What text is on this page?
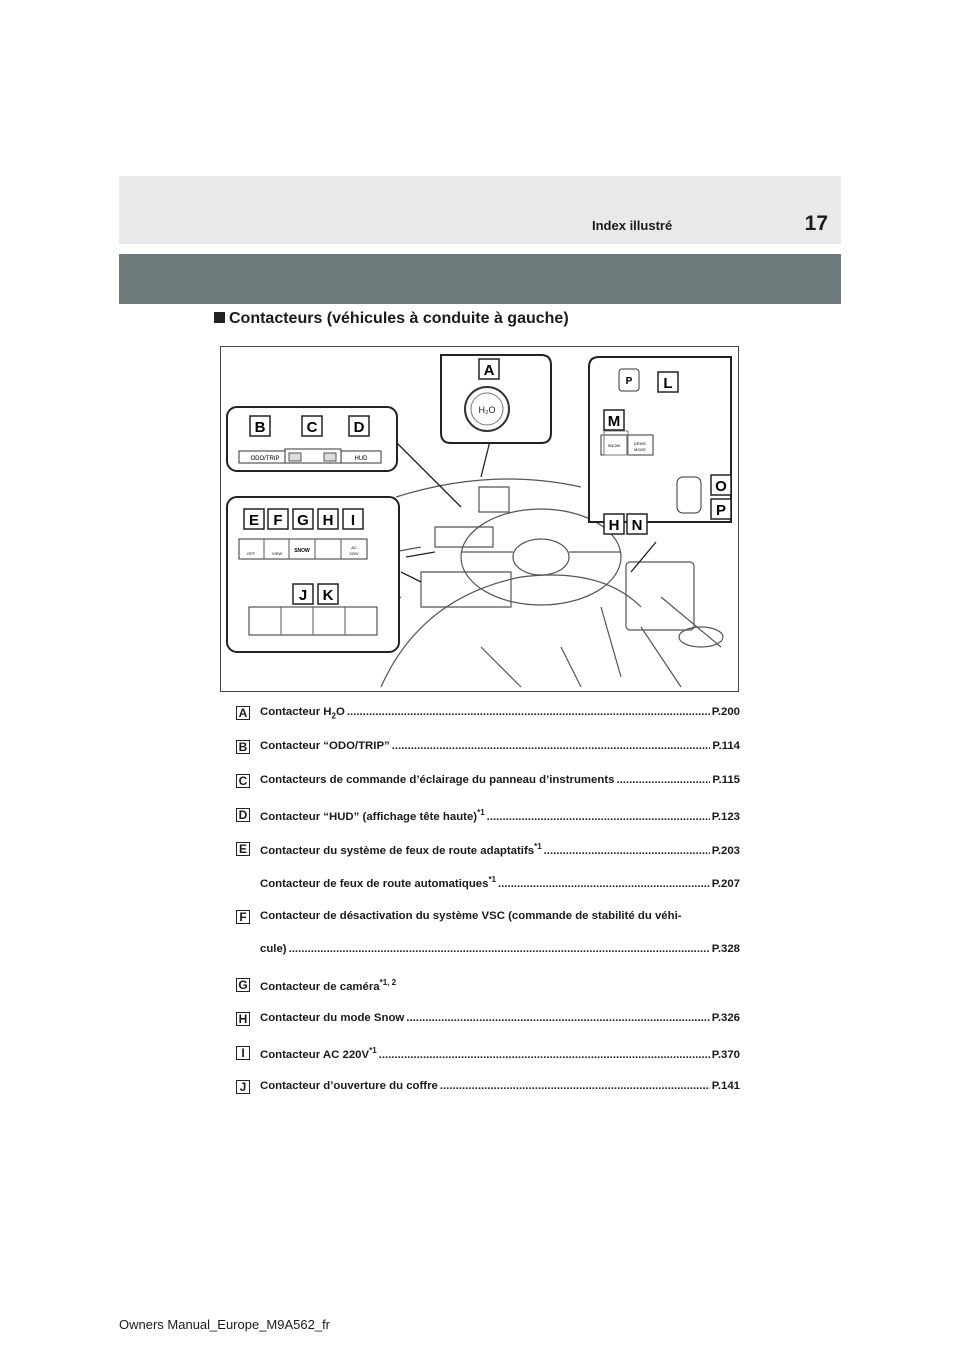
17
Index illustré
Contacteurs (véhicules à conduite à gauche)
H₂O
ODO/TRIP	HUD
SNOW
VIEW
OFF
AC
220V
P
SNOW	DRIVE
MODE
A
B	C D
E F G H I
J K
L
M
N
O
P
H
A Contacteur $H_2O$ .....	P.200
B Contacteur “ODO/TRIP” .....	P.114
C Contacteurs de commande d’éclairage du panneau d’instruments .....	P.115
D Contacteur “HUD” (affichage tête haute)$^{*1}$ .....	P.123
E Contacteur du système de feux de route adaptatifs$^{*1}$ .....	P.203
Contacteur de feux de route automatiques$^{*1}$ .....	P.207
F Contacteur de désactivation du système VSC (commande de stabilité du véhi-
cule) .....	P.328
G Contacteur de caméra$^{*1, 2}$
H Contacteur du mode Snow .....	P.326
I	Contacteur AC $220V^{*1}$ .....	P.370
J	Contacteur d’ouverture du coffre .....	P.141
Owners Manual_Europe_M9A562_fr
